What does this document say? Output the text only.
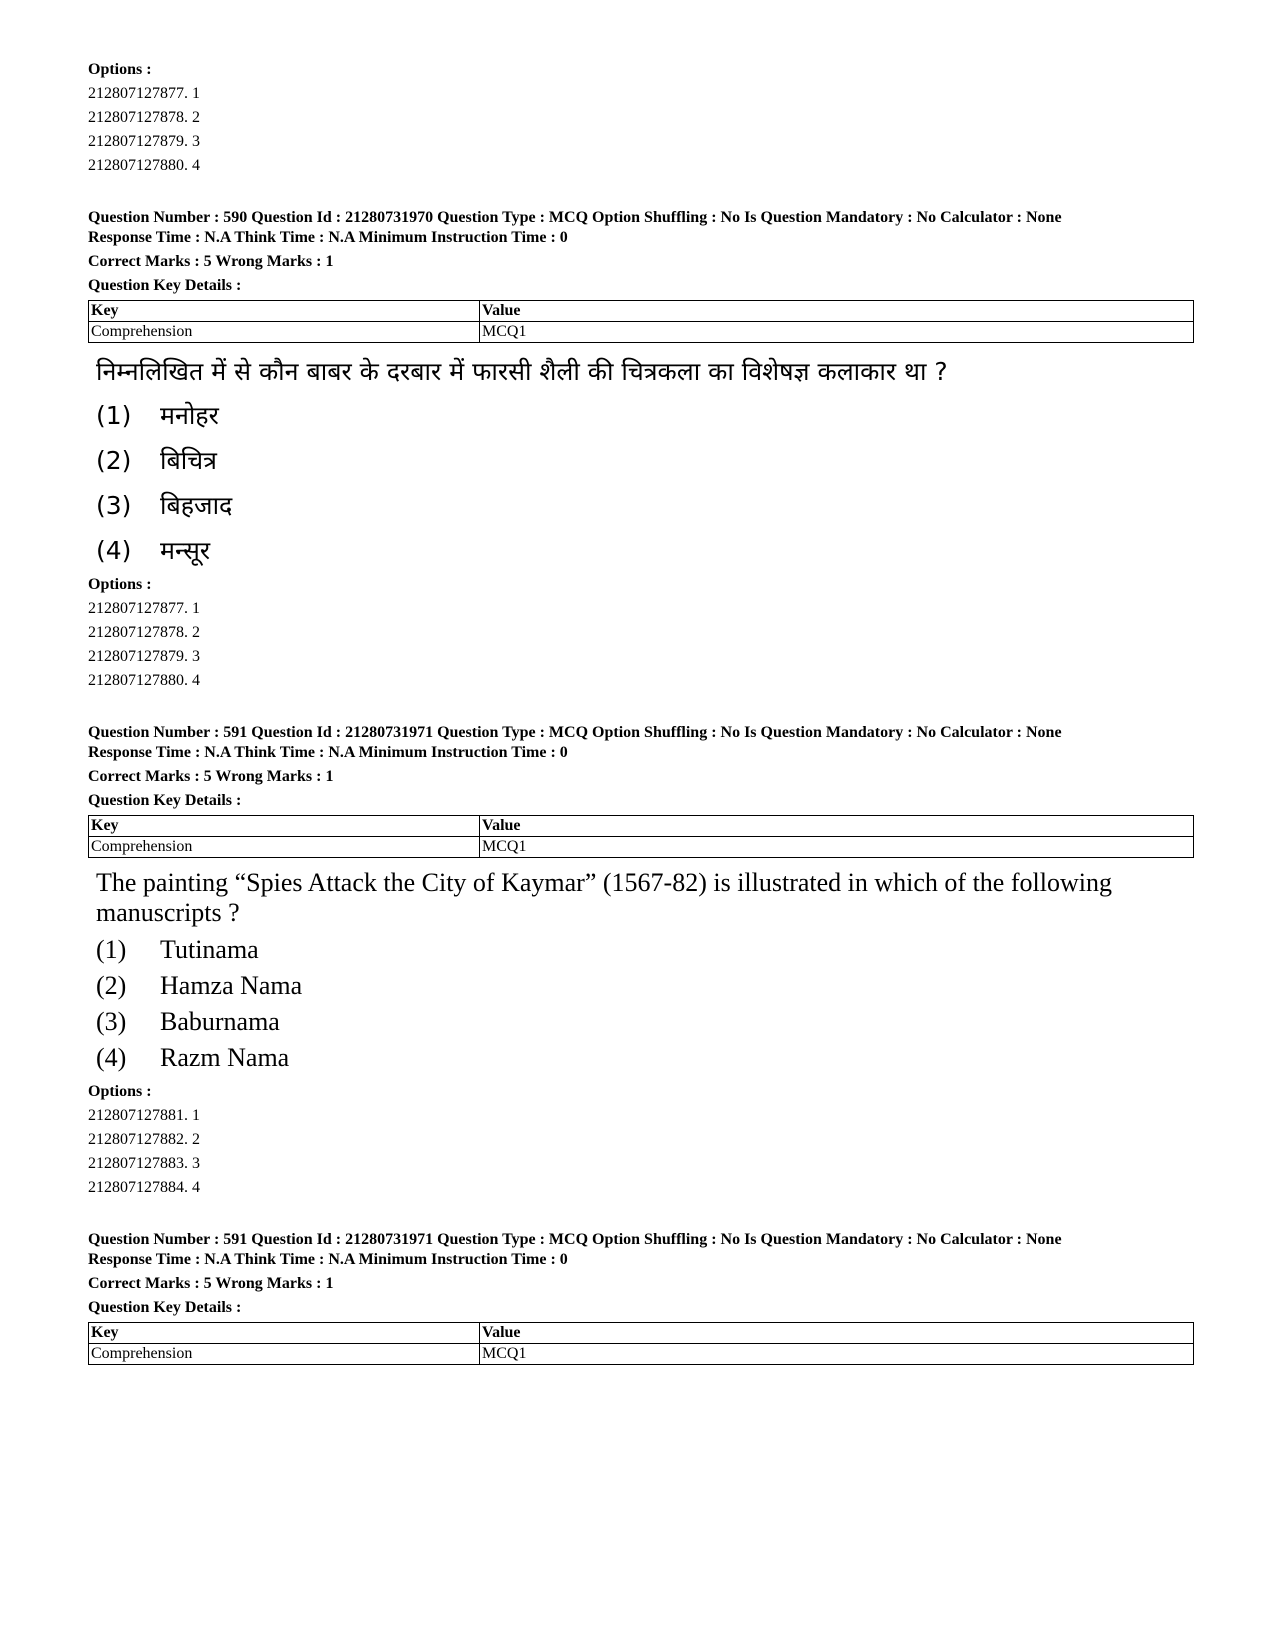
Options :
212807127877. 1
212807127878. 2
212807127879. 3
212807127880. 4
Question Number : 590 Question Id : 21280731970 Question Type : MCQ Option Shuffling : No Is Question Mandatory : No Calculator : None
Response Time : N.A Think Time : N.A Minimum Instruction Time : 0
Correct Marks : 5 Wrong Marks : 1
Question Key Details :
Key	Value
Comprehension	MCQ1
निम्नलिखित में से कौन बाबर के दरबार में फारसी शैली की चित्रकला का विशेषज्ञ कलाकार था ?
(1) मनोहर
(2) बिचित्र
(3) बिहजाद
(4) मन्सूर
Options :
212807127877. 1
212807127878. 2
212807127879. 3
212807127880. 4
Question Number : 591 Question Id : 21280731971 Question Type : MCQ Option Shuffling : No Is Question Mandatory : No Calculator : None
Response Time : N.A Think Time : N.A Minimum Instruction Time : 0
Correct Marks : 5 Wrong Marks : 1
Question Key Details :
Key	Value
Comprehension	MCQ1
The painting “Spies Attack the City of Kaymar” (1567-82) is illustrated in which of the following manuscripts ?
(1) Tutinama
(2) Hamza Nama
(3) Baburnama
(4) Razm Nama
Options :
212807127881. 1
212807127882. 2
212807127883. 3
212807127884. 4
Question Number : 591 Question Id : 21280731971 Question Type : MCQ Option Shuffling : No Is Question Mandatory : No Calculator : None
Response Time : N.A Think Time : N.A Minimum Instruction Time : 0
Correct Marks : 5 Wrong Marks : 1
Question Key Details :
Key	Value
Comprehension	MCQ1
